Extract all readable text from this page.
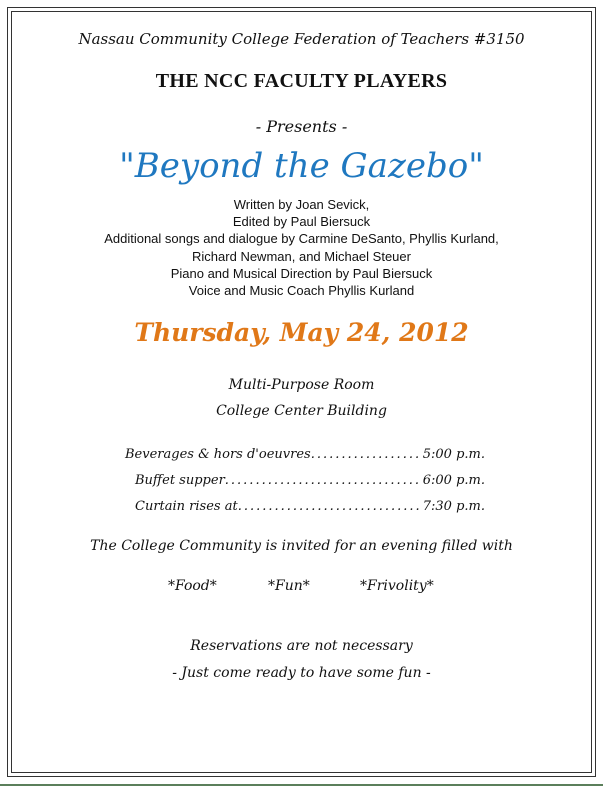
Nassau Community College Federation of Teachers #3150
THE NCC FACULTY PLAYERS
- Presents -
"Beyond the Gazebo"
Written by Joan Sevick,
Edited by Paul Biersuck
Additional songs and dialogue by Carmine DeSanto, Phyllis Kurland,
Richard Newman, and Michael Steuer
Piano and Musical Direction by Paul Biersuck
Voice and Music Coach Phyllis Kurland
Thursday, May 24, 2012
Multi-Purpose Room
College Center Building
Beverages & hors d'oeuvres .....	5:00 p.m.
Buffet supper .....	6:00 p.m.
Curtain rises at .....	7:30 p.m.
The College Community is invited for an evening filled with
*Food*	*Fun*	*Frivolity*
Reservations are not necessary
- Just come ready to have some fun -
